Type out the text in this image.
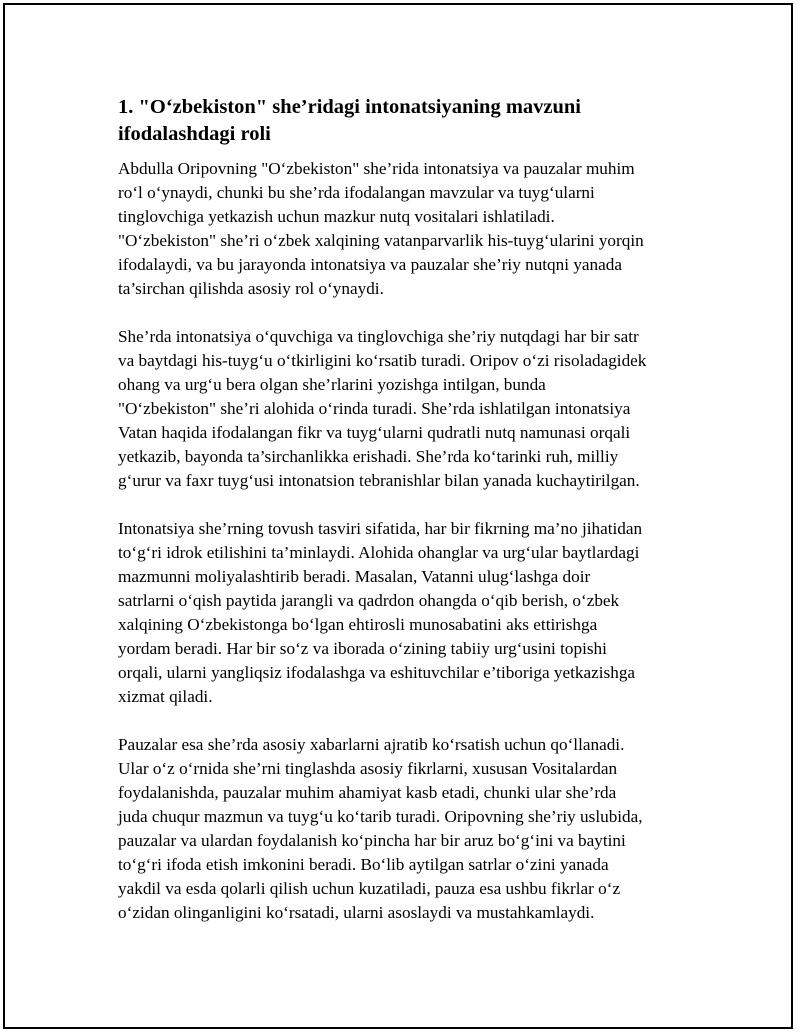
1. "O‘zbekiston" she’ridagi intonatsiyaning mavzuni
ifodalashdagi roli

Abdulla Oripovning "O‘zbekiston" she’rida intonatsiya va pauzalar muhim
ro‘l o‘ynaydi, chunki bu she’rda ifodalangan mavzular va tuyg‘ularni
tinglovchiga yetkazish uchun mazkur nutq vositalari ishlatiladi.
"O‘zbekiston" she’ri o‘zbek xalqining vatanparvarlik his-tuyg‘ularini yorqin
ifodalaydi, va bu jarayonda intonatsiya va pauzalar she’riy nutqni yanada
ta’sirchan qilishda asosiy rol o‘ynaydi.

She’rda intonatsiya o‘quvchiga va tinglovchiga she’riy nutqdagi har bir satr
va baytdagi his-tuyg‘u o‘tkirligini ko‘rsatib turadi. Oripov o‘zi risoladagidek
ohang va urg‘u bera olgan she’rlarini yozishga intilgan, bunda
"O‘zbekiston" she’ri alohida o‘rinda turadi. She’rda ishlatilgan intonatsiya
Vatan haqida ifodalangan fikr va tuyg‘ularni qudratli nutq namunasi orqali
yetkazib, bayonda ta’sirchanlikka erishadi. She’rda ko‘tarinki ruh, milliy
g‘urur va faxr tuyg‘usi intonatsion tebranishlar bilan yanada kuchaytirilgan.

Intonatsiya she’rning tovush tasviri sifatida, har bir fikrning ma’no jihatidan
to‘g‘ri idrok etilishini ta’minlaydi. Alohida ohanglar va urg‘ular baytlardagi
mazmunni moliyalashtirib beradi. Masalan, Vatanni ulug‘lashga doir
satrlarni o‘qish paytida jarangli va qadrdon ohangda o‘qib berish, o‘zbek
xalqining O‘zbekistonga bo‘lgan ehtirosli munosabatini aks ettirishga
yordam beradi. Har bir so‘z va iborada o‘zining tabiiy urg‘usini topishi
orqali, ularni yangliqsiz ifodalashga va eshituvchilar e’tiboriga yetkazishga
xizmat qiladi.

Pauzalar esa she’rda asosiy xabarlarni ajratib ko‘rsatish uchun qo‘llanadi.
Ular o‘z o‘rnida she’rni tinglashda asosiy fikrlarni, xususan Vositalardan
foydalanishda, pauzalar muhim ahamiyat kasb etadi, chunki ular she’rda
juda chuqur mazmun va tuyg‘u ko‘tarib turadi. Oripovning she’riy uslubida,
pauzalar va ulardan foydalanish ko‘pincha har bir aruz bo‘g‘ini va baytini
to‘g‘ri ifoda etish imkonini beradi. Bo‘lib aytilgan satrlar o‘zini yanada
yakdil va esda qolarli qilish uchun kuzatiladi, pauza esa ushbu fikrlar o‘z
o‘zidan olinganligini ko‘rsatadi, ularni asoslaydi va mustahkamlaydi.
